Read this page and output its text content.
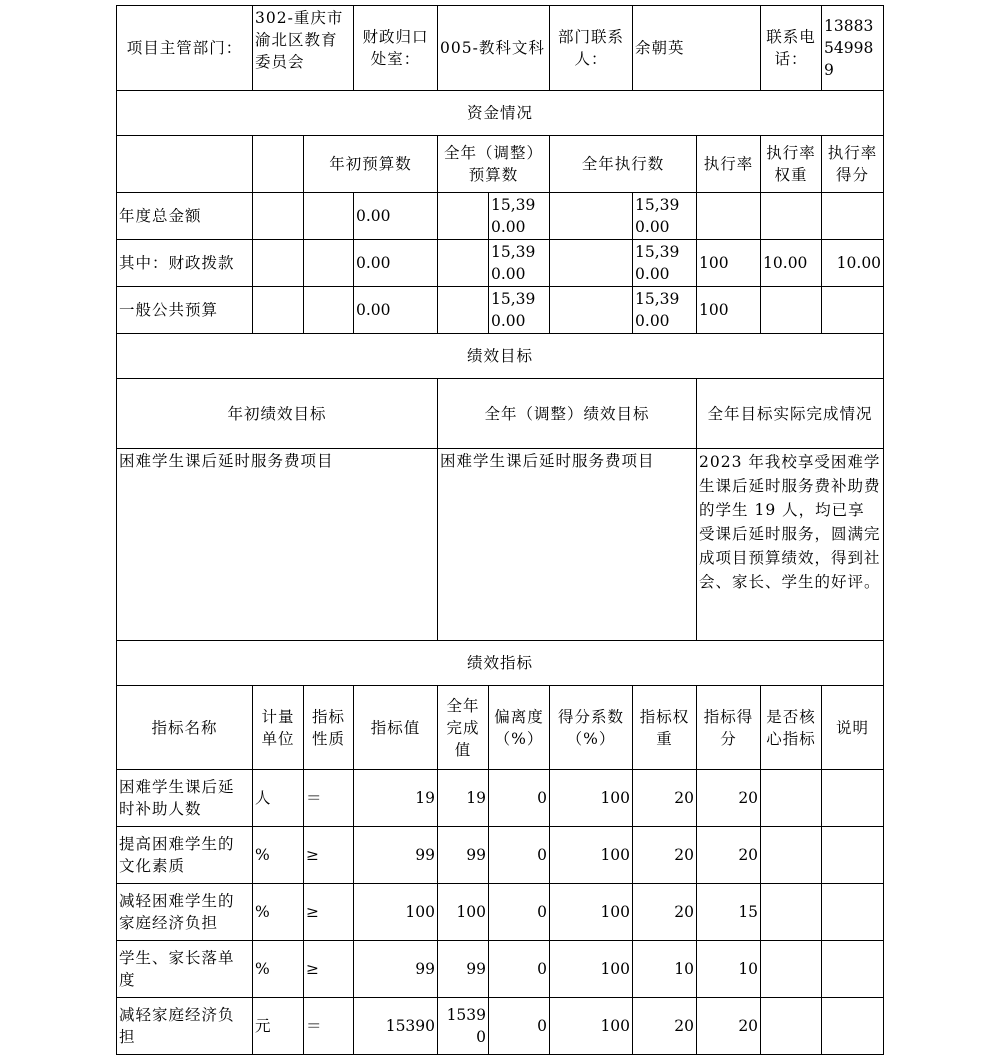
项目主管部门：	302-重庆市渝北区教育委员会		财政归口处室：	005-教科文科		部门联系人：	余朝英		联系电话：	13883549989
资金情况										
		年初预算数		全年（调整）预算数		全年执行数		执行率	执行率权重	执行率得分
年度总金额			0.00		15,390.00		15,390.00			
其中：财政拨款			0.00		15,390.00		15,390.00	100	10.00	10.00
一般公共预算			0.00		15,390.00		15,390.00	100		
绩效目标										
年初绩效目标				全年（调整）绩效目标				全年目标实际完成情况		
困难学生课后延时服务费项目				困难学生课后延时服务费项目				2023 年我校享受困难学生课后延时服务费补助费的学生 19 人，均已享受课后延时服务，圆满完成项目预算绩效，得到社会、家长、学生的好评。		
绩效指标										
指标名称	计量单位	指标性质	指标值	全年完成值	偏离度（%）	得分系数（%）	指标权重	指标得分	是否核心指标	说明
困难学生课后延时补助人数	人	＝	19	19	0	100	20	20		
提高困难学生的文化素质	%	≥	99	99	0	100	20	20		
减轻困难学生的家庭经济负担	%	≥	100	100	0	100	20	15		
学生、家长落单度	%	≥	99	99	0	100	10	10		
减轻家庭经济负担	元	＝	15390	15390	0	100	20	20		
